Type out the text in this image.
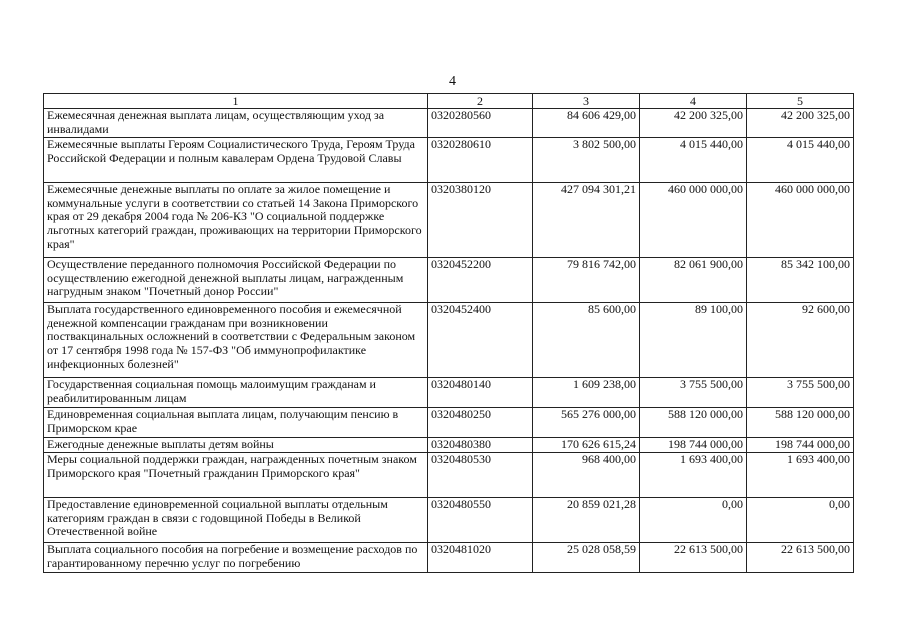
4
1	2	3	4	5
Ежемесячная денежная выплата лицам, осуществляющим уход за инвалидами	0320280560	84 606 429,00	42 200 325,00	42 200 325,00
Ежемесячные выплаты Героям Социалистического Труда, Героям Труда Российской Федерации и полным кавалерам Ордена Трудовой Славы	0320280610	3 802 500,00	4 015 440,00	4 015 440,00
Ежемесячные денежные выплаты по оплате за жилое помещение и коммунальные услуги в соответствии со статьей 14 Закона Приморского края от 29 декабря 2004 года № 206-КЗ "О социальной поддержке льготных категорий граждан, проживающих на территории Приморского края"	0320380120	427 094 301,21	460 000 000,00	460 000 000,00
Осуществление переданного полномочия Российской Федерации по осуществлению ежегодной денежной выплаты лицам, награжденным нагрудным знаком "Почетный донор России"	0320452200	79 816 742,00	82 061 900,00	85 342 100,00
Выплата государственного единовременного пособия и ежемесячной денежной компенсации гражданам при возникновении поствакцинальных осложнений в соответствии с Федеральным законом от 17 сентября 1998 года № 157-ФЗ "Об иммунопрофилактике инфекционных болезней"	0320452400	85 600,00	89 100,00	92 600,00
Государственная социальная помощь малоимущим гражданам и реабилитированным лицам	0320480140	1 609 238,00	3 755 500,00	3 755 500,00
Единовременная социальная выплата лицам, получающим пенсию в Приморском крае	0320480250	565 276 000,00	588 120 000,00	588 120 000,00
Ежегодные денежные выплаты детям войны	0320480380	170 626 615,24	198 744 000,00	198 744 000,00
Меры социальной поддержки граждан, награжденных почетным знаком Приморского края "Почетный гражданин Приморского края"	0320480530	968 400,00	1 693 400,00	1 693 400,00
Предоставление единовременной социальной выплаты отдельным категориям граждан в связи с годовщиной Победы в Великой Отечественной войне	0320480550	20 859 021,28	0,00	0,00
Выплата социального пособия на погребение и возмещение расходов по гарантированному перечню услуг по погребению	0320481020	25 028 058,59	22 613 500,00	22 613 500,00
